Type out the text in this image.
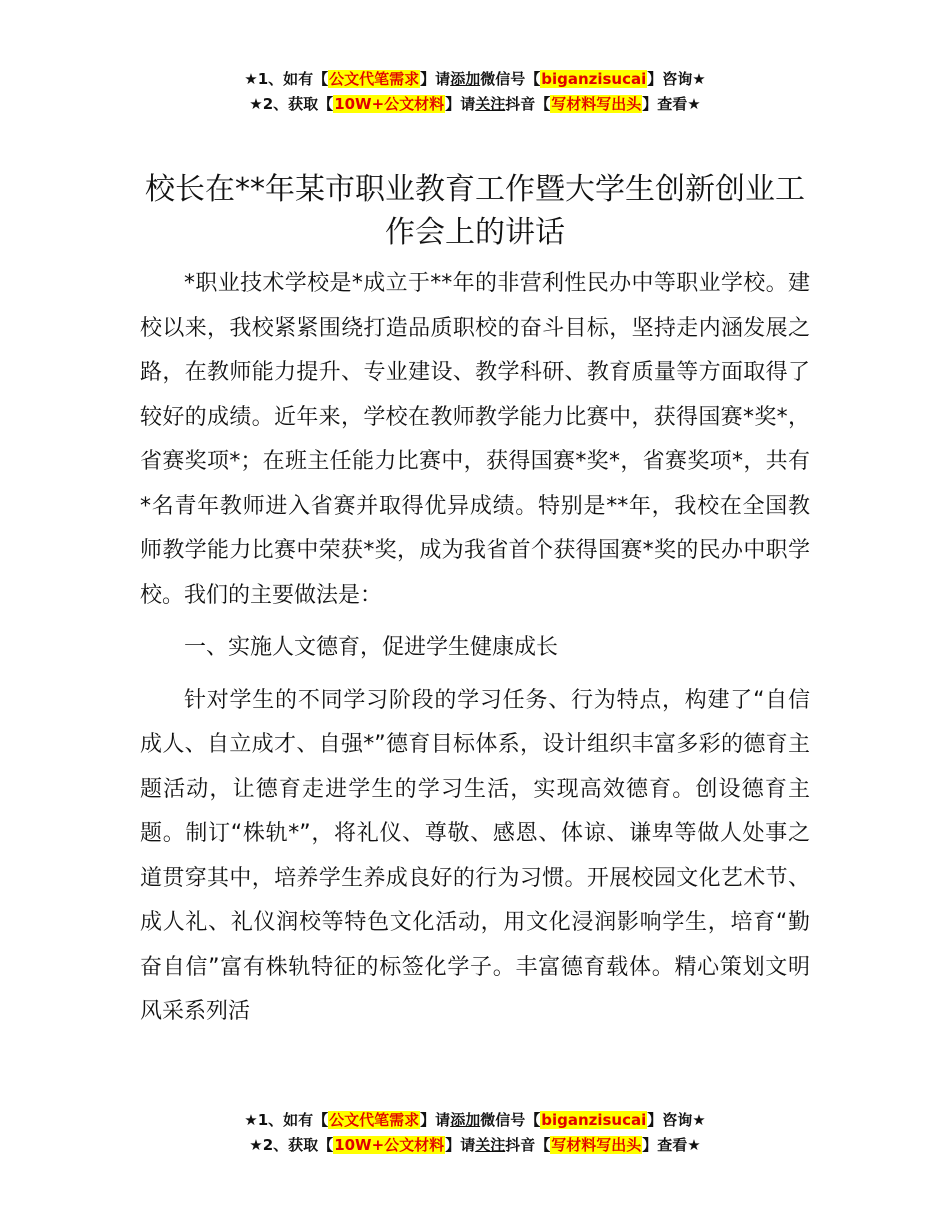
★1、如有【公文代笔需求】请添加微信号【biganzisucai】咨询★
★2、获取【10W+公文材料】请关注抖音【写材料写出头】查看★
校长在**年某市职业教育工作暨大学生创新创业工作会上的讲话

*职业技术学校是*成立于**年的非营利性民办中等职业学校。建校以来，我校紧紧围绕打造品质职校的奋斗目标，坚持走内涵发展之路，在教师能力提升、专业建设、教学科研、教育质量等方面取得了较好的成绩。近年来，学校在教师教学能力比赛中，获得国赛*奖*，省赛奖项*；在班主任能力比赛中，获得国赛*奖*，省赛奖项*，共有*名青年教师进入省赛并取得优异成绩。特别是**年，我校在全国教师教学能力比赛中荣获*奖，成为我省首个获得国赛*奖的民办中职学校。我们的主要做法是：

一、实施人文德育，促进学生健康成长

针对学生的不同学习阶段的学习任务、行为特点，构建了“自信成人、自立成才、自强*”德育目标体系，设计组织丰富多彩的德育主题活动，让德育走进学生的学习生活，实现高效德育。创设德育主题。制订“株轨*”，将礼仪、尊敬、感恩、体谅、谦卑等做人处事之道贯穿其中，培养学生养成良好的行为习惯。开展校园文化艺术节、成人礼、礼仪润校等特色文化活动，用文化浸润影响学生，培育“勤奋自信”富有株轨特征的标签化学子。丰富德育载体。精心策划文明风采系列活

★1、如有【公文代笔需求】请添加微信号【biganzisucai】咨询★
★2、获取【10W+公文材料】请关注抖音【写材料写出头】查看★
